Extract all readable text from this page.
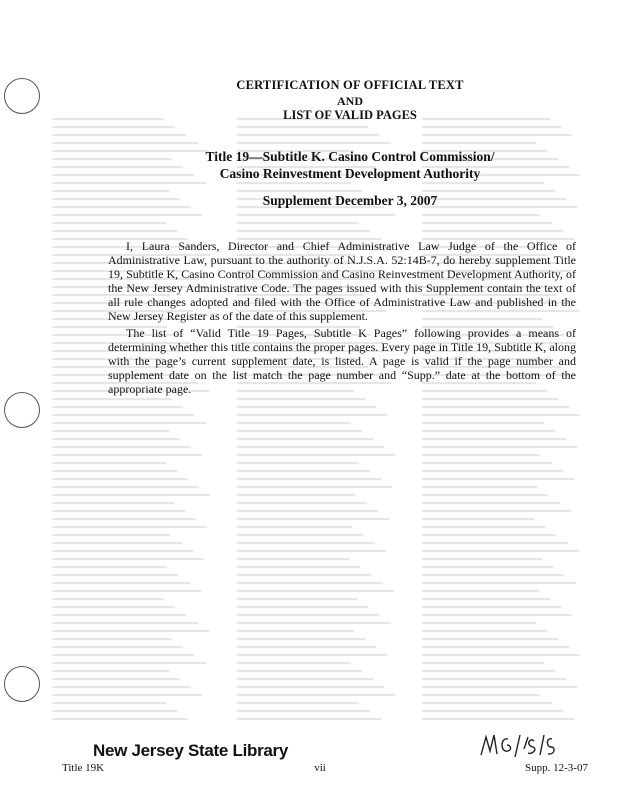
CERTIFICATION OF OFFICIAL TEXT
AND
LIST OF VALID PAGES
Title 19—Subtitle K. Casino Control Commission/
Casino Reinvestment Development Authority
Supplement December 3, 2007

I, Laura Sanders, Director and Chief Administrative Law Judge of the Office of Administrative Law, pursuant to the authority of N.J.S.A. 52:14B-7, do hereby supplement Title 19, Subtitle K, Casino Control Commission and Casino Reinvestment Development Authority, of the New Jersey Administrative Code. The pages issued with this Supplement contain the text of all rule changes adopted and filed with the Office of Administrative Law and published in the New Jersey Register as of the date of this supplement.

The list of “Valid Title 19 Pages, Subtitle K Pages” following provides a means of determining whether this title contains the proper pages. Every page in Title 19, Subtitle K, along with the page’s current supplement date, is listed. A page is valid if the page number and supplement date on the list match the page number and “Supp.” date at the bottom of the appropriate page.

Title 19K
New Jersey State Library
vii	Supp. 12-3-07
